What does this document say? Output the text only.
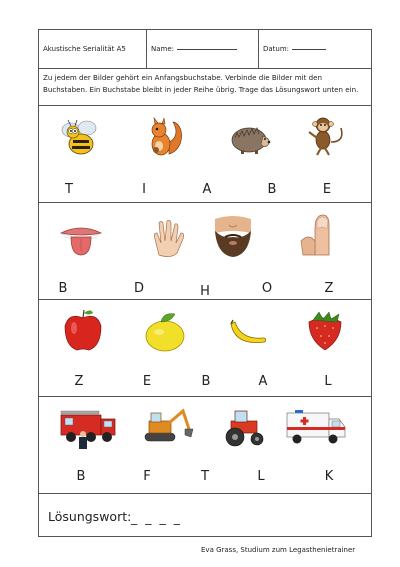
Akustische Serialität A5	Name:	Datum:
Zu jedem der Bilder gehört ein Anfangsbuchstabe. Verbinde die Bilder mit den
Buchstaben. Ein Buchstabe bleibt in jeder Reihe übrig. Trage das Lösungswort unten ein.
T	I	A	B	E
B	D	H	O	Z
Z	E	B	A	L
B	F	T	L	K
Lösungswort: _ _ _ _
Eva Grass, Studium zum Legasthenietrainer
